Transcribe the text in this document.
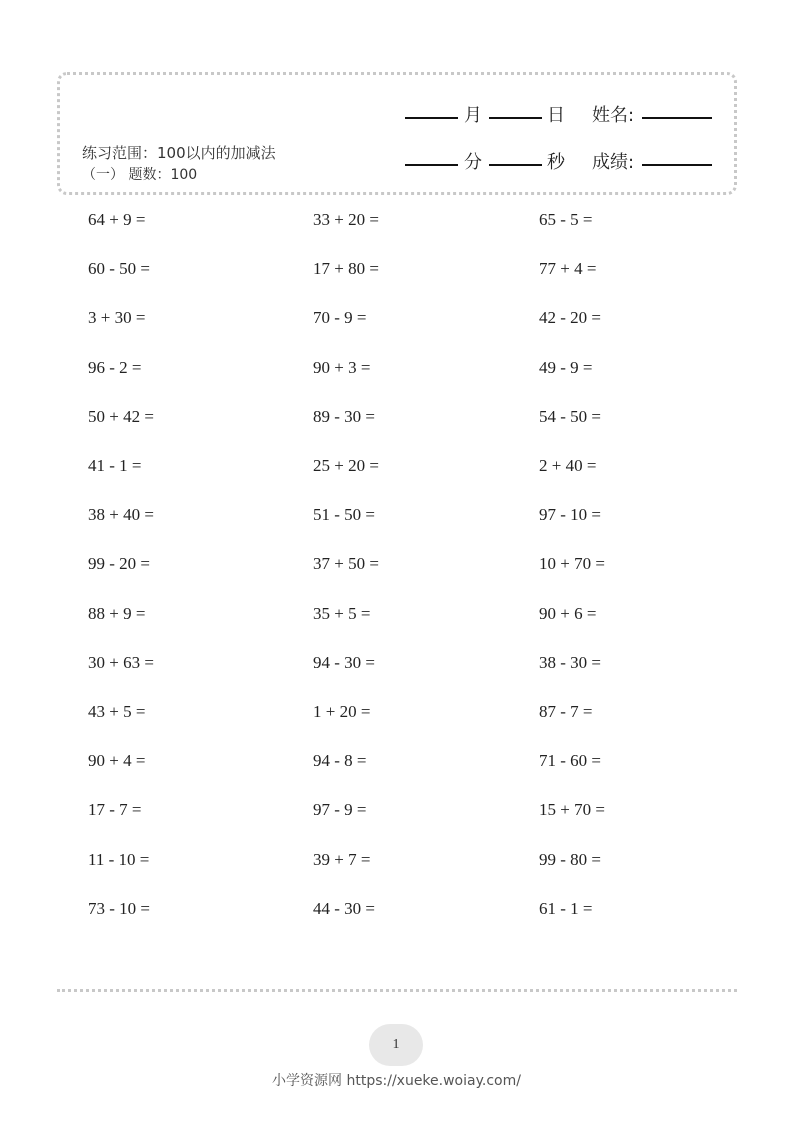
练习范围：100以内的加减法
（一） 题数：100
月	日 姓名:
分	秒 成绩:
64 + 9 =	33 + 20 =	65 - 5 =
60 - 50 =	17 + 80 =	77 + 4 =
3 + 30 =	70 - 9 =	42 - 20 =
96 - 2 =	90 + 3 =	49 - 9 =
50 + 42 =	89 - 30 =	54 - 50 =
41 - 1 =	25 + 20 =	2 + 40 =
38 + 40 =	51 - 50 =	97 - 10 =
99 - 20 =	37 + 50 =	10 + 70 =
88 + 9 =	35 + 5 =	90 + 6 =
30 + 63 =	94 - 30 =	38 - 30 =
43 + 5 =	1 + 20 =	87 - 7 =
90 + 4 =	94 - 8 =	71 - 60 =
17 - 7 =	97 - 9 =	15 + 70 =
11 - 10 =	39 + 7 =	99 - 80 =
73 - 10 =	44 - 30 =	61 - 1 =
1
小学资源网 https://xueke.woiay.com/
